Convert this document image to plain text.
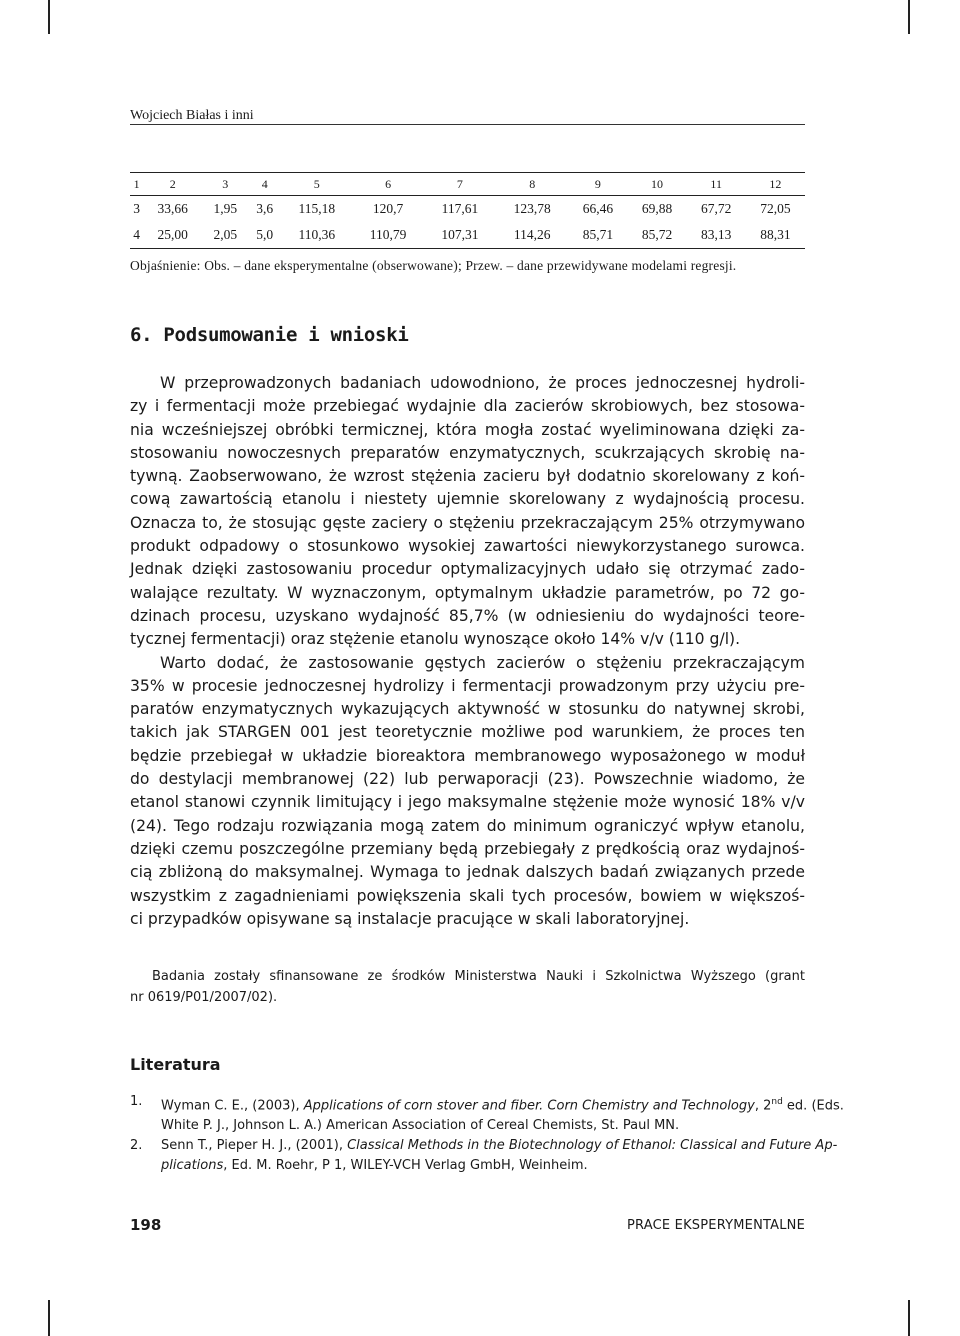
Wojciech Białas i inni
1	2	3	4	5	6	7	8	9	10	11	12
3	33,66	1,95	3,6	115,18	120,7	117,61	123,78	66,46	69,88	67,72	72,05
4	25,00	2,05	5,0	110,36	110,79	107,31	114,26	85,71	85,72	83,13	88,31
Objaśnienie: Obs. – dane eksperymentalne (obserwowane); Przew. – dane przewidywane modelami regresji.
6. Podsumowanie i wnioski

W przeprowadzonych badaniach udowodniono, że proces jednoczesnej hydroli-
zy i fermentacji może przebiegać wydajnie dla zacierów skrobiowych, bez stosowa-
nia wcześniejszej obróbki termicznej, która mogła zostać wyeliminowana dzięki za-
stosowaniu nowoczesnych preparatów enzymatycznych, scukrzających skrobię na-
tywną. Zaobserwowano, że wzrost stężenia zacieru był dodatnio skorelowany z koń-
cową zawartością etanolu i niestety ujemnie skorelowany z wydajnością procesu.
Oznacza to, że stosując gęste zaciery o stężeniu przekraczającym 25% otrzymywano
produkt odpadowy o stosunkowo wysokiej zawartości niewykorzystanego surowca.
Jednak dzięki zastosowaniu procedur optymalizacyjnych udało się otrzymać zado-
walające rezultaty. W wyznaczonym, optymalnym układzie parametrów, po 72 go-
dzinach procesu, uzyskano wydajność 85,7% (w odniesieniu do wydajności teore-
tycznej fermentacji) oraz stężenie etanolu wynoszące około 14% v/v (110 g/l).

Warto dodać, że zastosowanie gęstych zacierów o stężeniu przekraczającym
35% w procesie jednoczesnej hydrolizy i fermentacji prowadzonym przy użyciu pre-
paratów enzymatycznych wykazujących aktywność w stosunku do natywnej skrobi,
takich jak STARGEN 001 jest teoretycznie możliwe pod warunkiem, że proces ten
będzie przebiegał w układzie bioreaktora membranowego wyposażonego w moduł
do destylacji membranowej (22) lub perwaporacji (23). Powszechnie wiadomo, że
etanol stanowi czynnik limitujący i jego maksymalne stężenie może wynosić 18% v/v
(24). Tego rodzaju rozwiązania mogą zatem do minimum ograniczyć wpływ etanolu,
dzięki czemu poszczególne przemiany będą przebiegały z prędkością oraz wydajnoś-
cią zbliżoną do maksymalnej. Wymaga to jednak dalszych badań związanych przede
wszystkim z zagadnieniami powiększenia skali tych procesów, bowiem w większoś-
ci przypadków opisywane są instalacje pracujące w skali laboratoryjnej.

Badania zostały sfinansowane ze środków Ministerstwa Nauki i Szkolnictwa Wyższego (grant
nr 0619/P01/2007/02).
Literatura
1. Wyman C. E., (2003), Applications of corn stover and fiber. Corn Chemistry and Technology, 2nd ed. (Eds.
White P. J., Johnson L. A.) American Association of Cereal Chemists, St. Paul MN.
2. Senn T., Pieper H. J., (2001), Classical Methods in the Biotechnology of Ethanol: Classical and Future Ap-
plications, Ed. M. Roehr, P 1, WILEY-VCH Verlag GmbH, Weinheim.
198	PRACE EKSPERYMENTALNE
